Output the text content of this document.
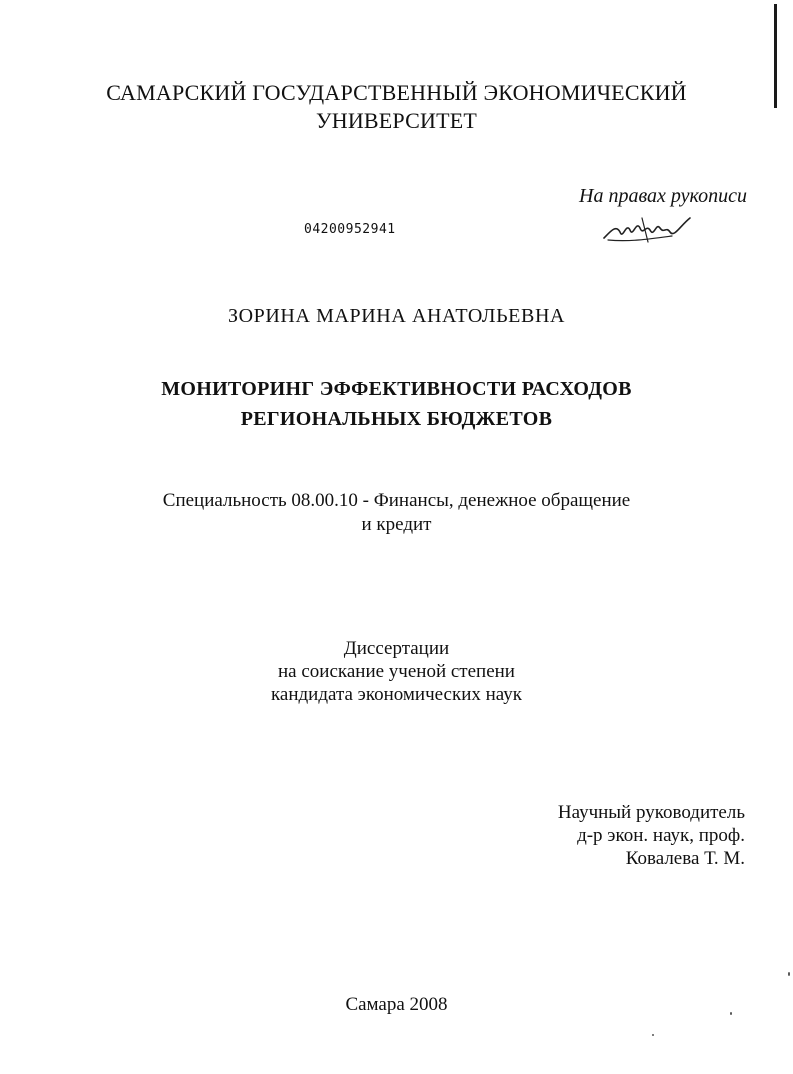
САМАРСКИЙ ГОСУДАРСТВЕННЫЙ ЭКОНОМИЧЕСКИЙ
УНИВЕРСИТЕТ
На правах рукописи
04200952941
ЗОРИНА МАРИНА АНАТОЛЬЕВНА
МОНИТОРИНГ ЭФФЕКТИВНОСТИ РАСХОДОВ
РЕГИОНАЛЬНЫХ БЮДЖЕТОВ
Специальность 08.00.10 - Финансы, денежное обращение
и кредит
Диссертации
на соискание ученой степени
кандидата экономических наук
Научный руководитель
д-р экон. наук, проф.
Ковалева Т. М.
Самара 2008
